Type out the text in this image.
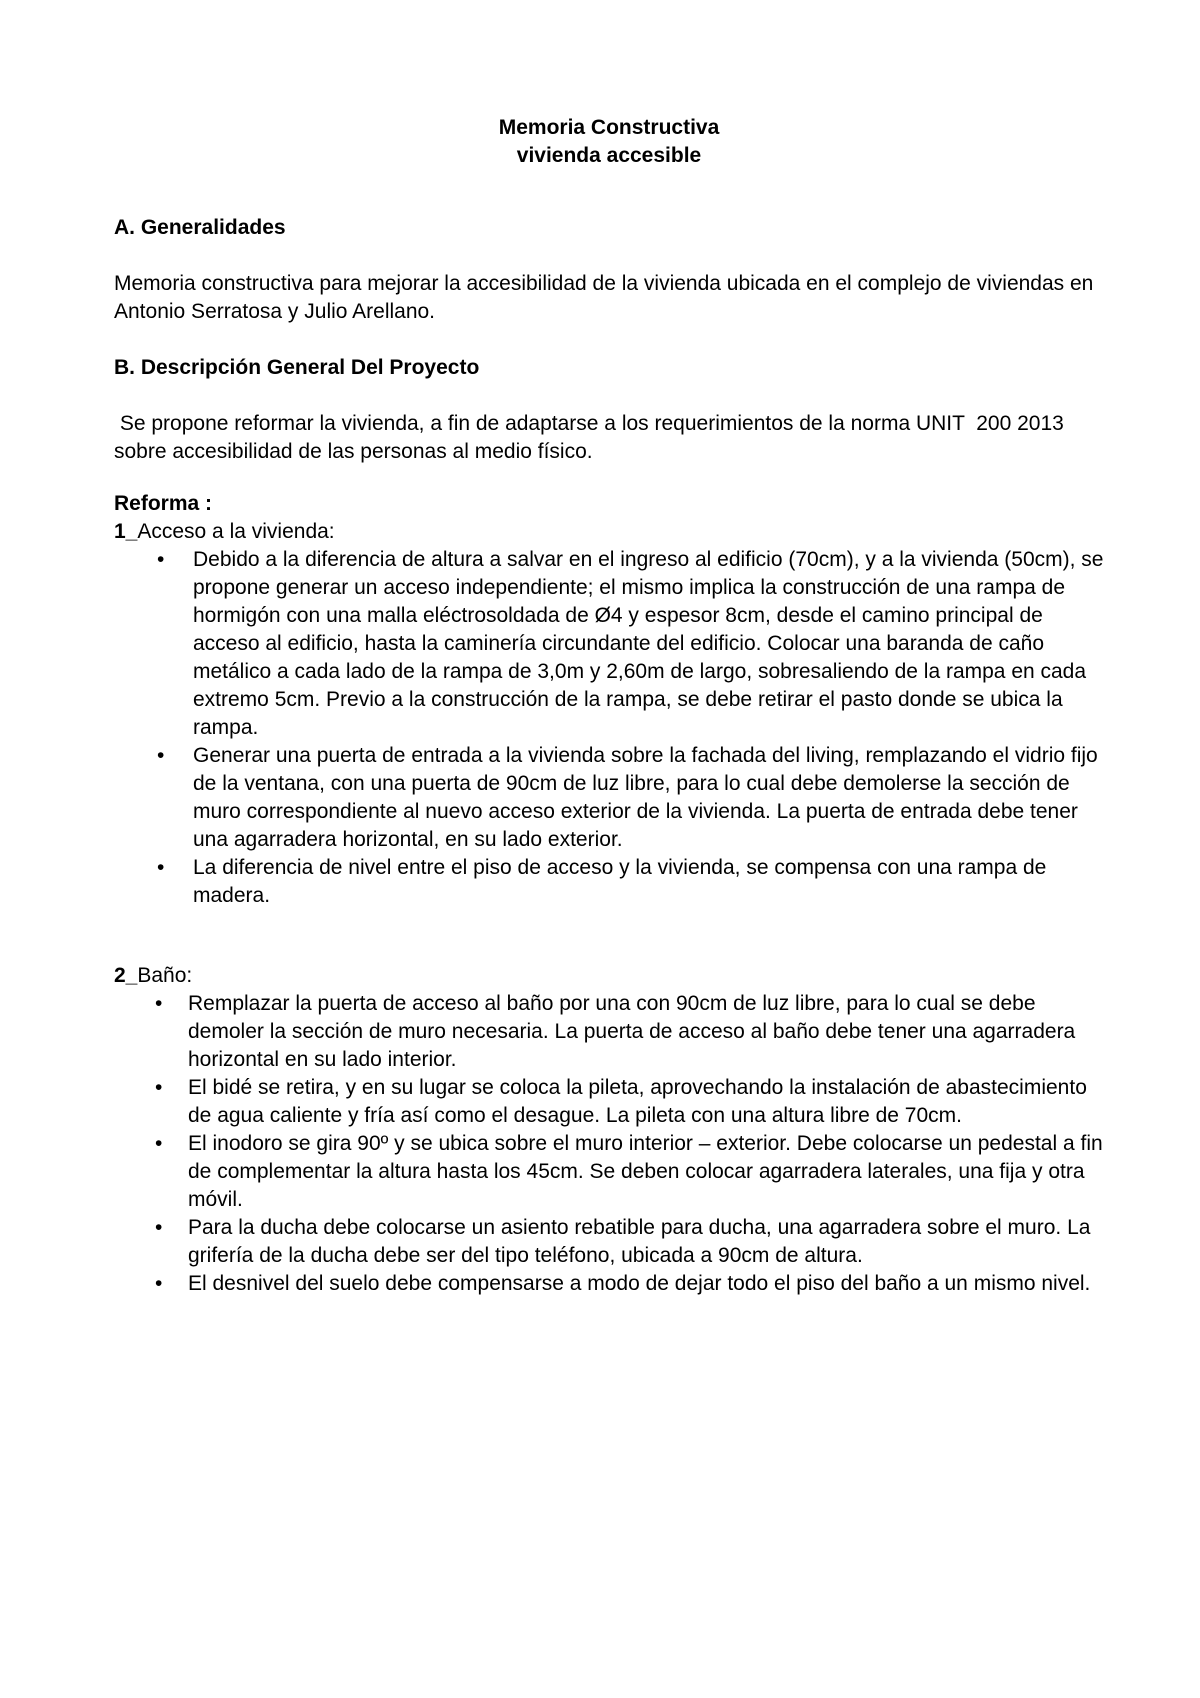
Memoria Constructiva
vivienda accesible
A. Generalidades
Memoria constructiva para mejorar la accesibilidad de la vivienda ubicada en el complejo de viviendas en Antonio Serratosa y Julio Arellano.
B. Descripción General Del Proyecto
Se propone reformar la vivienda, a fin de adaptarse a los requerimientos de la norma UNIT  200 2013 sobre accesibilidad de las personas al medio físico.
Reforma :
1_Acceso a la vivienda:
• Debido a la diferencia de altura a salvar en el ingreso al edificio (70cm), y a la vivienda (50cm), se propone generar un acceso independiente; el mismo implica la construcción de una rampa de hormigón con una malla eléctrosoldada de Ø4 y espesor 8cm, desde el camino principal de acceso al edificio, hasta la caminería circundante del edificio. Colocar una baranda de caño metálico a cada lado de la rampa de 3,0m y 2,60m de largo, sobresaliendo de la rampa en cada extremo 5cm. Previo a la construcción de la rampa, se debe retirar el pasto donde se ubica la rampa.
• Generar una puerta de entrada a la vivienda sobre la fachada del living, remplazando el vidrio fijo de la ventana, con una puerta de 90cm de luz libre, para lo cual debe demolerse la sección de muro correspondiente al nuevo acceso exterior de la vivienda. La puerta de entrada debe tener una agarradera horizontal, en su lado exterior.
• La diferencia de nivel entre el piso de acceso y la vivienda, se compensa con una rampa de madera.
2_Baño:
• Remplazar la puerta de acceso al baño por una con 90cm de luz libre, para lo cual se debe demoler la sección de muro necesaria. La puerta de acceso al baño debe tener una agarradera horizontal en su lado interior.
• El bidé se retira, y en su lugar se coloca la pileta, aprovechando la instalación de abastecimiento de agua caliente y fría así como el desague. La pileta con una altura libre de 70cm.
• El inodoro se gira 90º y se ubica sobre el muro interior – exterior. Debe colocarse un pedestal a fin de complementar la altura hasta los 45cm. Se deben colocar agarradera laterales, una fija y otra móvil.
• Para la ducha debe colocarse un asiento rebatible para ducha, una agarradera sobre el muro. La grifería de la ducha debe ser del tipo teléfono, ubicada a 90cm de altura.
• El desnivel del suelo debe compensarse a modo de dejar todo el piso del baño a un mismo nivel.
